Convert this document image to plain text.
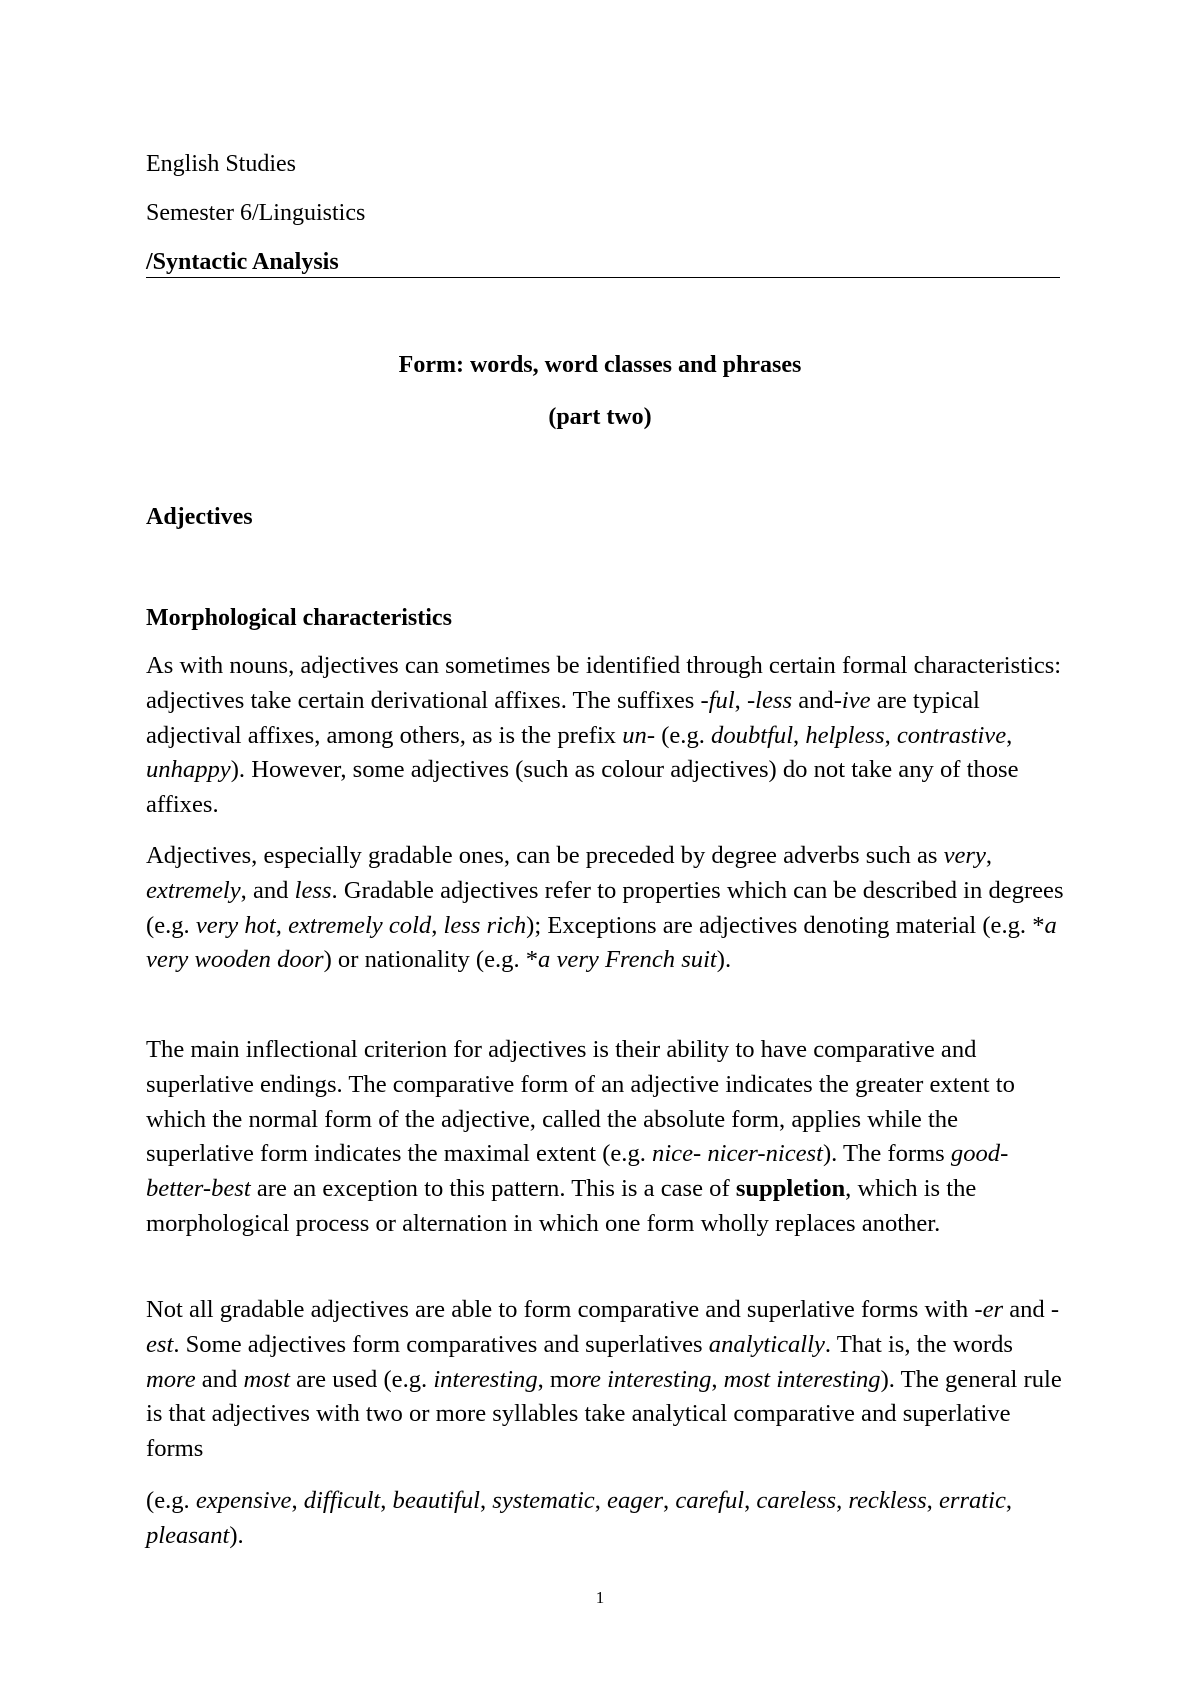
English Studies
Semester 6/Linguistics
/Syntactic Analysis
Form: words, word classes and phrases
(part two)
Adjectives
Morphological characteristics
As with nouns, adjectives can sometimes be identified through certain formal characteristics: adjectives take certain derivational affixes. The suffixes -ful, -less and-ive are typical adjectival affixes, among others, as is the prefix un- (e.g. doubtful, helpless, contrastive, unhappy). However, some adjectives (such as colour adjectives) do not take any of those affixes.
Adjectives, especially gradable ones, can be preceded by degree adverbs such as very, extremely, and less. Gradable adjectives refer to properties which can be described in degrees (e.g. very hot, extremely cold, less rich); Exceptions are adjectives denoting material (e.g. *a very wooden door) or nationality (e.g. *a very French suit).
The main inflectional criterion for adjectives is their ability to have comparative and superlative endings. The comparative form of an adjective indicates the greater extent to which the normal form of the adjective, called the absolute form, applies while the superlative form indicates the maximal extent (e.g. nice- nicer-nicest). The forms good-better-best are an exception to this pattern. This is a case of suppletion, which is the morphological process or alternation in which one form wholly replaces another.
Not all gradable adjectives are able to form comparative and superlative forms with -er and -est. Some adjectives form comparatives and superlatives analytically. That is, the words more and most are used (e.g. interesting, more interesting, most interesting). The general rule is that adjectives with two or more syllables take analytical comparative and superlative forms
(e.g. expensive, difficult, beautiful, systematic, eager, careful, careless, reckless, erratic, pleasant).
1
